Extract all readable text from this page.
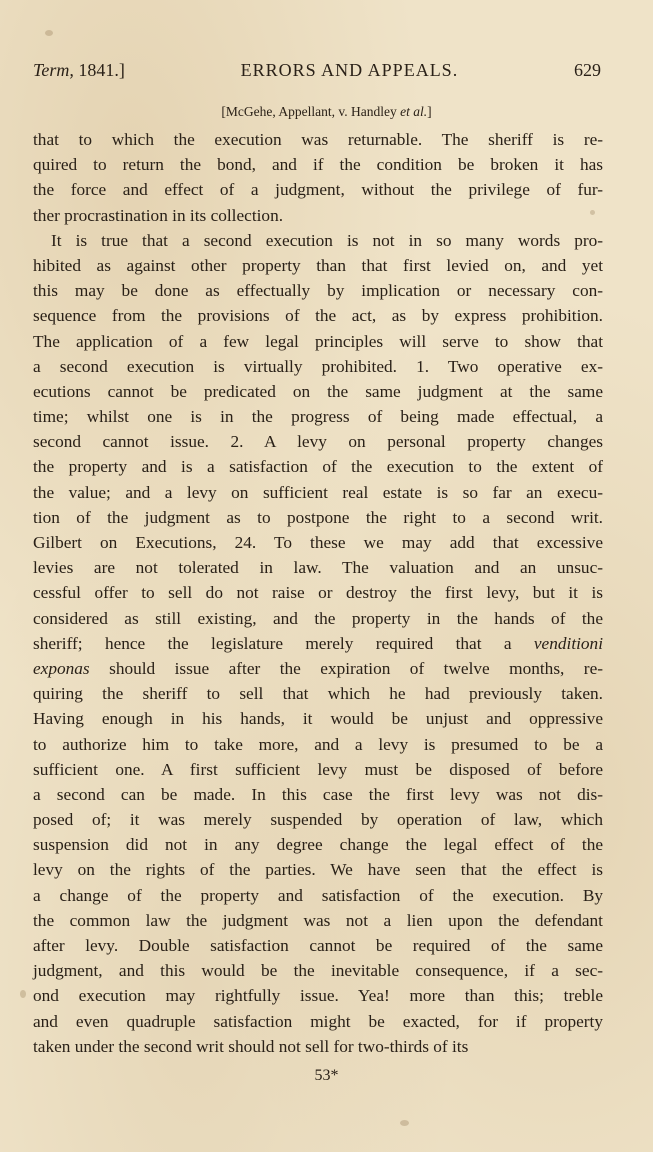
Term, 1841.]	ERRORS AND APPEALS.	629
[McGehe, Appellant, v. Handley et al.]
that to which the execution was returnable. The sheriff is re-
quired to return the bond, and if the condition be broken it has
the force and effect of a judgment, without the privilege of fur-
ther procrastination in its collection.
It is true that a second execution is not in so many words pro-
hibited as against other property than that first levied on, and yet
this may be done as effectually by implication or necessary con-
sequence from the provisions of the act, as by express prohibition.
The application of a few legal principles will serve to show that
a second execution is virtually prohibited. 1. Two operative ex-
ecutions cannot be predicated on the same judgment at the same
time; whilst one is in the progress of being made effectual, a
second cannot issue. 2. A levy on personal property changes
the property and is a satisfaction of the execution to the extent of
the value; and a levy on sufficient real estate is so far an execu-
tion of the judgment as to postpone the right to a second writ.
Gilbert on Executions, 24. To these we may add that excessive
levies are not tolerated in law. The valuation and an unsuc-
cessful offer to sell do not raise or destroy the first levy, but it is
considered as still existing, and the property in the hands of the
sheriff; hence the legislature merely required that a venditioni
exponas should issue after the expiration of twelve months, re-
quiring the sheriff to sell that which he had previously taken.
Having enough in his hands, it would be unjust and oppressive
to authorize him to take more, and a levy is presumed to be a
sufficient one. A first sufficient levy must be disposed of before
a second can be made. In this case the first levy was not dis-
posed of; it was merely suspended by operation of law, which
suspension did not in any degree change the legal effect of the
levy on the rights of the parties. We have seen that the effect is
a change of the property and satisfaction of the execution. By
the common law the judgment was not a lien upon the defendant
after levy. Double satisfaction cannot be required of the same
judgment, and this would be the inevitable consequence, if a sec-
ond execution may rightfully issue. Yea! more than this; treble
and even quadruple satisfaction might be exacted, for if property
taken under the second writ should not sell for two-thirds of its
53*
